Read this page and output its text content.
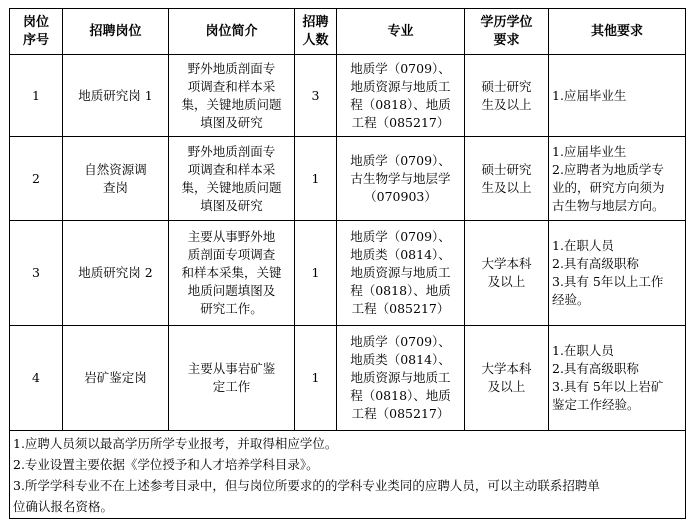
岗位
序号	招聘岗位	岗位简介	招聘
人数	专业	学历学位
要求	其他要求
1	地质研究岗 1	野外地质剖面专
项调查和样本采
集，关键地质问题
填图及研究	3	地质学（0709）、
地质资源与地质工
程（0818）、地质
工程（085217）	硕士研究
生及以上	1.应届毕业生

2	自然资源调
查岗	野外地质剖面专
项调查和样本采
集，关键地质问题
填图及研究	1	地质学（0709）、
古生物学与地层学
（070903）	硕士研究
生及以上	1.应届毕业生
2.应聘者为地质学专
业的，研究方向须为
古生物与地层方向。

3	地质研究岗 2	主要从事野外地
质剖面专项调查
和样本采集，关键
地质问题填图及
研究工作。	1	地质学（0709）、
地质类（0814）、
地质资源与地质工
程（0818）、地质
工程（085217）	大学本科
及以上	1.在职人员
2.具有高级职称
3.具有 5年以上工作
经验。

4	岩矿鉴定岗	主要从事岩矿鉴
定工作	1	地质学（0709）、
地质类（0814）、
地质资源与地质工
程（0818）、地质
工程（085217）	大学本科
及以上	1.在职人员
2.具有高级职称
3.具有 5年以上岩矿
鉴定工作经验。

1.应聘人员须以最高学历所学专业报考，并取得相应学位。
2.专业设置主要依据《学位授予和人才培养学科目录》。
3.所学学科专业不在上述参考目录中，但与岗位所要求的的学科专业类同的应聘人员，可以主动联系招聘单
位确认报名资格。						
